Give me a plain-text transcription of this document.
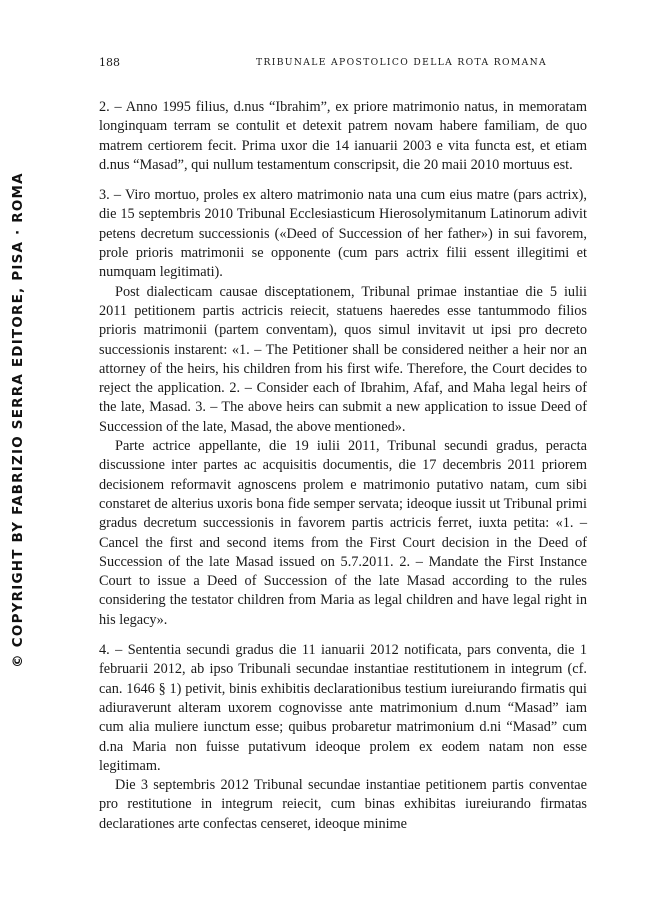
© COPYRIGHT BY FABRIZIO SERRA EDITORE, PISA · ROMA
188	TRIBUNALE APOSTOLICO DELLA ROTA ROMANA

2. – Anno 1995 filius, d.nus “Ibrahim”, ex priore matrimonio natus, in memoratam longinquam terram se contulit et detexit patrem novam habere familiam, de quo matrem certiorem fecit. Prima uxor die 14 ianuarii 2003 e vita functa est, et etiam d.nus “Masad”, qui nullum testamentum conscripsit, die 20 maii 2010 mortuus est.

3. – Viro mortuo, proles ex altero matrimonio nata una cum eius matre (pars actrix), die 15 septembris 2010 Tribunal Ecclesiasticum Hierosolymitanum Latinorum adivit petens decretum successionis («Deed of Succession of her father») in sui favorem, prole prioris matrimonii se opponente (cum pars actrix filii essent illegitimi et numquam legitimati).

Post dialecticam causae disceptationem, Tribunal primae instantiae die 5 iulii 2011 petitionem partis actricis reiecit, statuens haeredes esse tantummodo filios prioris matrimonii (partem conventam), quos simul invitavit ut ipsi pro decreto successionis instarent: «1. – The Petitioner shall be considered neither a heir nor an attorney of the heirs, his children from his first wife. Therefore, the Court decides to reject the application. 2. – Consider each of Ibrahim, Afaf, and Maha legal heirs of the late, Masad. 3. – The above heirs can submit a new application to issue Deed of Succession of the late, Masad, the above mentioned».

Parte actrice appellante, die 19 iulii 2011, Tribunal secundi gradus, peracta discussione inter partes ac acquisitis documentis, die 17 decembris 2011 priorem decisionem reformavit agnoscens prolem e matrimonio putativo natam, cum sibi constaret de alterius uxoris bona fide semper servata; ideoque iussit ut Tribunal primi gradus decretum successionis in favorem partis actricis ferret, iuxta petita: «1. – Cancel the first and second items from the First Court decision in the Deed of Succession of the late Masad issued on 5.7.2011. 2. – Mandate the First Instance Court to issue a Deed of Succession of the late Masad according to the rules considering the testator children from Maria as legal children and have legal right in his legacy».

4. – Sententia secundi gradus die 11 ianuarii 2012 notificata, pars conventa, die 1 februarii 2012, ab ipso Tribunali secundae instantiae restitutionem in integrum (cf. can. 1646 § 1) petivit, binis exhibitis declarationibus testium iureiurando firmatis qui adiuraverunt alteram uxorem cognovisse ante matrimonium d.num “Masad” iam cum alia muliere iunctum esse; quibus probaretur matrimonium d.ni “Masad” cum d.na Maria non fuisse putativum ideoque prolem ex eodem natam non esse legitimam.

Die 3 septembris 2012 Tribunal secundae instantiae petitionem partis conventae pro restitutione in integrum reiecit, cum binas exhibitas iureiurando firmatas declarationes arte confectas censeret, ideoque minime
